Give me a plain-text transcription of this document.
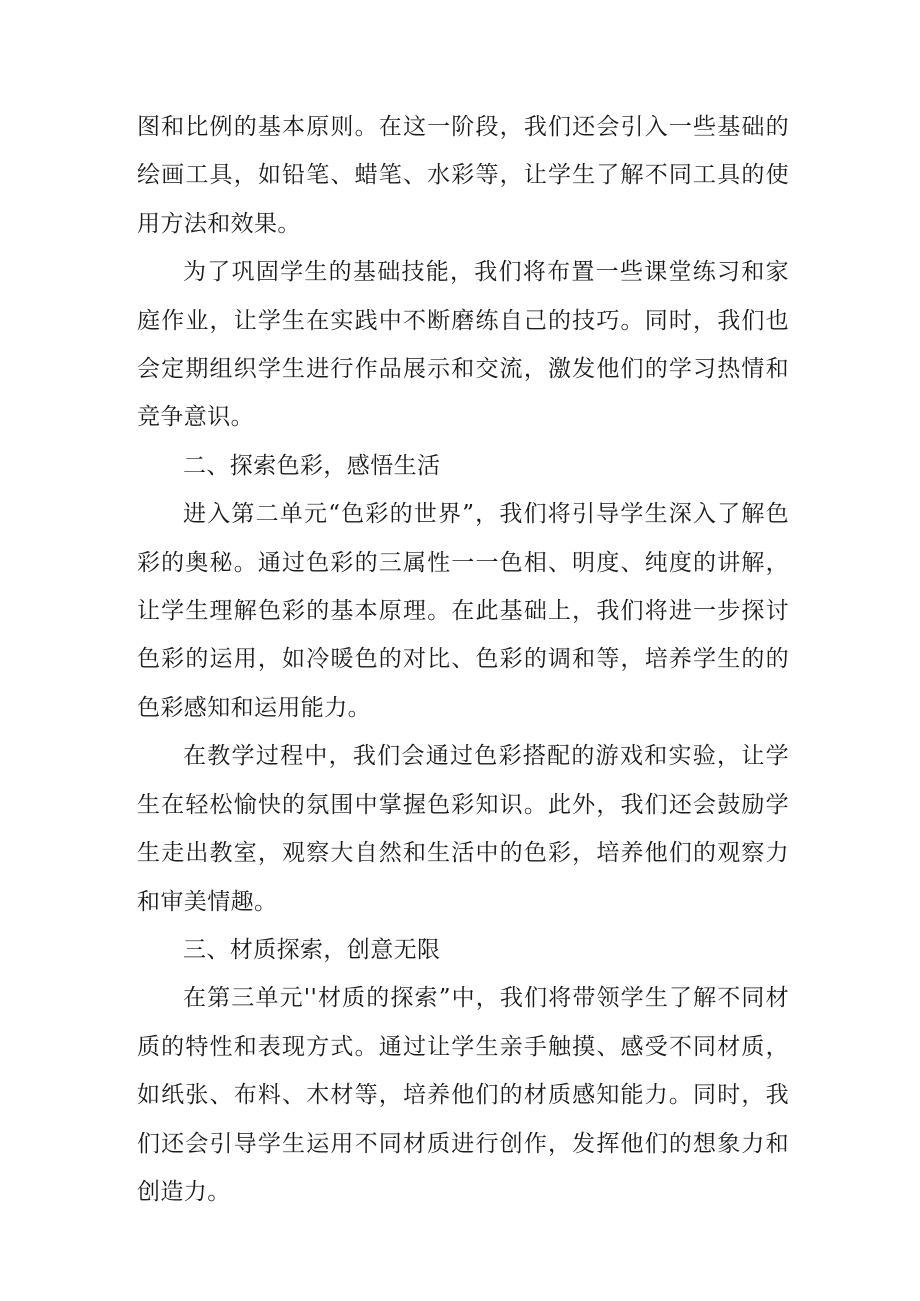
图和比例的基本原则。在这一阶段，我们还会引入一些基础的绘画工具，如铅笔、蜡笔、水彩等，让学生了解不同工具的使用方法和效果。

为了巩固学生的基础技能，我们将布置一些课堂练习和家庭作业，让学生在实践中不断磨练自己的技巧。同时，我们也会定期组织学生进行作品展示和交流，激发他们的学习热情和竞争意识。

二、探索色彩，感悟生活

进入第二单元“色彩的世界”，我们将引导学生深入了解色彩的奥秘。通过色彩的三属性一一色相、明度、纯度的讲解，让学生理解色彩的基本原理。在此基础上，我们将进一步探讨色彩的运用，如冷暖色的对比、色彩的调和等，培养学生的的色彩感知和运用能力。

在教学过程中，我们会通过色彩搭配的游戏和实验，让学生在轻松愉快的氛围中掌握色彩知识。此外，我们还会鼓励学生走出教室，观察大自然和生活中的色彩，培养他们的观察力和审美情趣。

三、材质探索，创意无限

在第三单元''材质的探索”中，我们将带领学生了解不同材质的特性和表现方式。通过让学生亲手触摸、感受不同材质，如纸张、布料、木材等，培养他们的材质感知能力。同时，我们还会引导学生运用不同材质进行创作，发挥他们的想象力和创造力。
